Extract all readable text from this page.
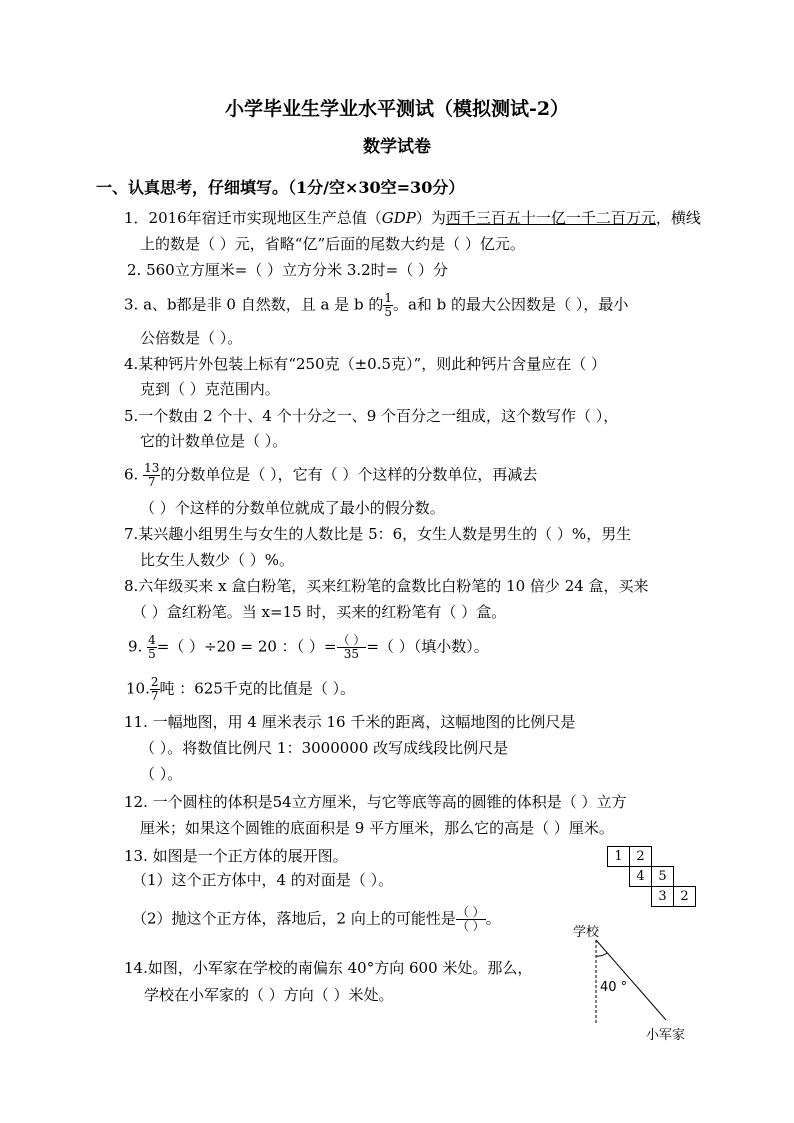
小学毕业生学业水平测试（模拟测试-2）
数学试卷
一、认真思考，仔细填写。（1分/空×30空=30分）
1．2016年宿迁市实现地区生产总值（GDP）为西千三百五十一亿一千二百万元，横线
上的数是（ ）元，省略“亿”后面的尾数大约是（ ）亿元。
2. 560立方厘米=（ ）立方分米 3.2时=（ ）分
3. a、b都是非 0 自然数，且 a 是 b 的 $\frac{1}{5}$ 。a和 b 的最大公因数是（ ），最小
公倍数是（ ）。
4.某种钙片外包装上标有“250克（±0.5克）”，则此种钙片含量应在（ ）
克到（ ）克范围内。
5.一个数由 2 个十、4 个十分之一、9 个百分之一组成，这个数写作（ ），
它的计数单位是（ ）。
6. $\frac{13}{7}$ 的分数单位是（ ），它有（ ）个这样的分数单位，再减去
（ ）个这样的分数单位就成了最小的假分数。
7.某兴趣小组男生与女生的人数比是 5：6，女生人数是男生的（ ）%，男生
比女生人数少（ ）%。
8.六年级买来 x 盒白粉笔，买来红粉笔的盒数比白粉笔的 10 倍少 24 盒，买来
（ ）盒红粉笔。当 x=15 时，买来的红粉笔有（ ）盒。
9. $\frac{4}{5}$ =（ ）÷20 = 20 ：（ ）= $\frac{( )}{35}$ =（ ）（填小数）。
10. $\frac{2}{7}$ 吨 ：625千克的比值是（ ）。
11. 一幅地图，用 4 厘米表示 16 千米的距离，这幅地图的比例尺是
（ ）。将数值比例尺 1：3000000 改写成线段比例尺是
（ ）。
12. 一个圆柱的体积是54立方厘米，与它等底等高的圆锥的体积是（ ）立方
厘米；如果这个圆锥的底面积是 9 平方厘米，那么它的高是（ ）厘米。
13. 如图是一个正方体的展开图。
（1）这个正方体中，4 的对面是（ ）。
（2）抛这个正方体，落地后，2 向上的可能性是 $\frac{( )}{( )}$ 。
1	2		
	4	5	
		3	2
14.如图，小军家在学校的南偏东 40°方向 600 米处。那么，
学校在小军家的（ ）方向（ ）米处。
学校
40 °
小军家
